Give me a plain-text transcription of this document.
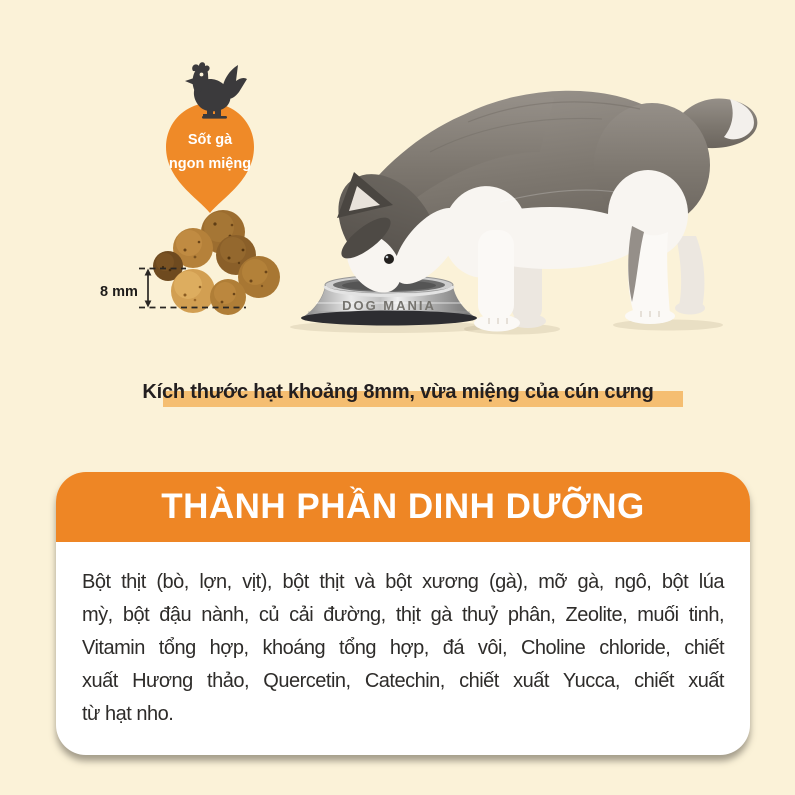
Sốt gà
ngon miệng
8 mm
DOG MANIA
Kích thước hạt khoảng 8mm, vừa miệng của cún cưng
THÀNH PHẦN DINH DƯỠNG
Bột thịt (bò, lợn, vịt), bột thịt và bột xương (gà), mỡ gà, ngô, bột lúa
mỳ, bột đậu nành, củ cải đường, thịt gà thuỷ phân, Zeolite, muối tinh,
Vitamin tổng hợp, khoáng tổng hợp, đá vôi, Choline chloride, chiết
xuất Hương thảo, Quercetin, Catechin, chiết xuất Yucca, chiết xuất
từ hạt nho.
